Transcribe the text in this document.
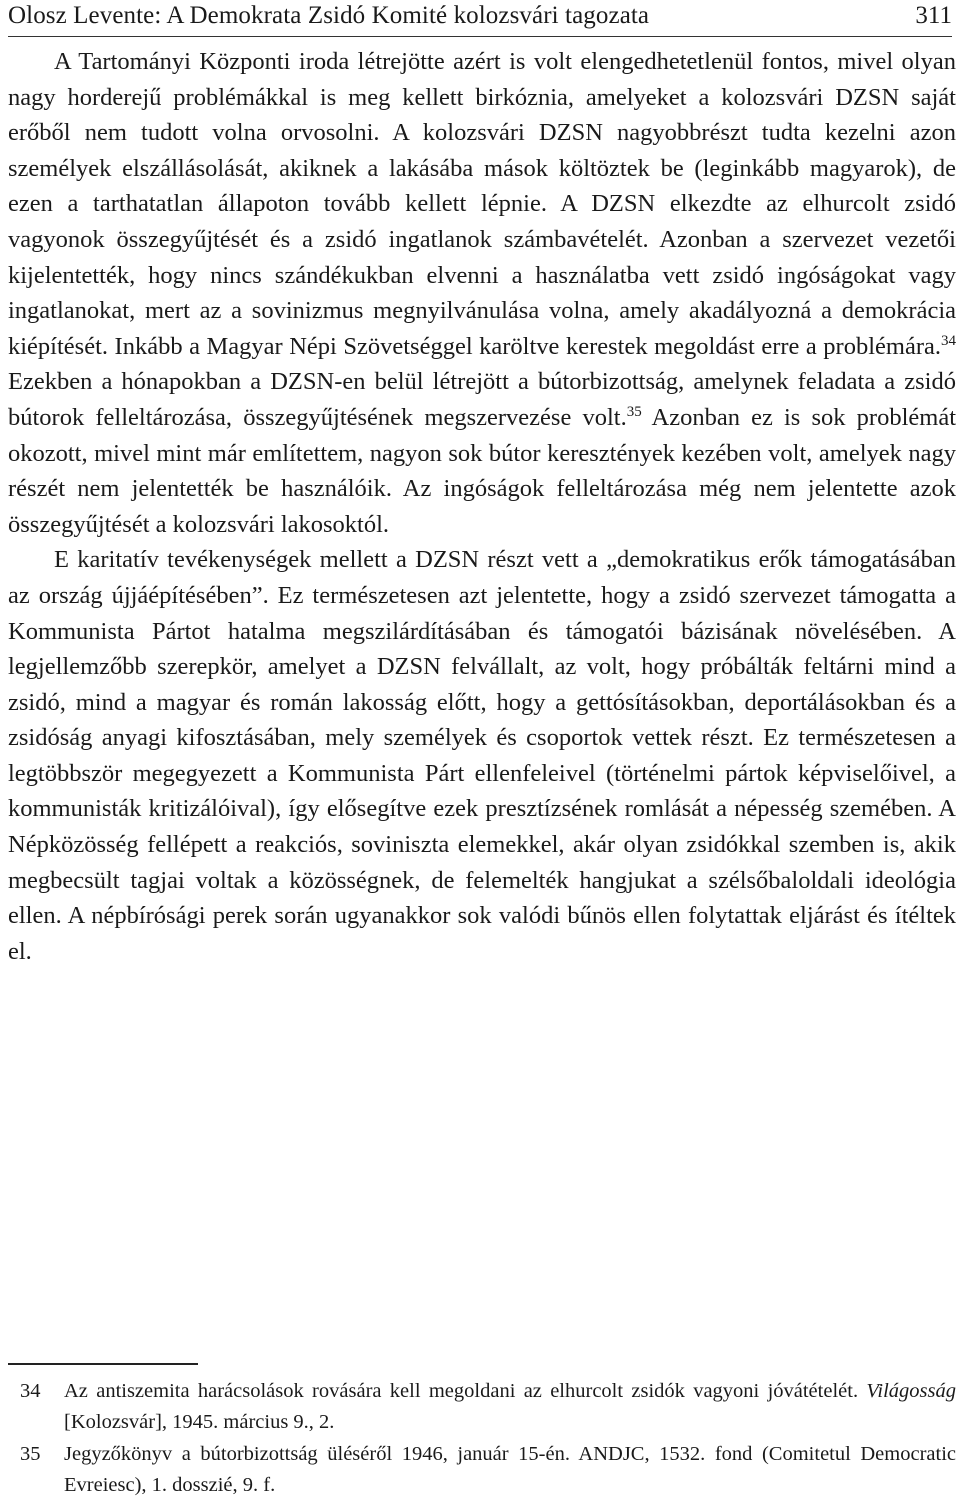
Olosz Levente: A Demokrata Zsidó Komité kolozsvári tagozata	311

A Tartományi Központi iroda létrejötte azért is volt elengedhetetlenül fontos, mivel olyan nagy horderejű problémákkal is meg kellett birkóznia, amelyeket a kolozsvári DZSN saját erőből nem tudott volna orvosolni. A kolozsvári DZSN nagyobbrészt tudta kezelni azon személyek elszállásolását, akiknek a lakásába mások költöztek be (leginkább magyarok), de ezen a tarthatatlan állapoton tovább kellett lépnie. A DZSN elkezdte az elhurcolt zsidó vagyonok összegyűjtését és a zsidó ingatlanok számbavételét. Azonban a szervezet vezetői kijelentették, hogy nincs szándékukban elvenni a használatba vett zsidó ingóságokat vagy ingatlanokat, mert az a sovinizmus megnyilvánulása volna, amely akadályozná a demokrácia kiépítését. Inkább a Magyar Népi Szövetséggel karöltve kerestek megoldást erre a problémára.$^{34}$ Ezekben a hónapokban a DZSN-en belül létrejött a bútorbizottság, amelynek feladata a zsidó bútorok felleltározása, összegyűjtésének megszervezése volt.$^{35}$ Azonban ez is sok problémát okozott, mivel mint már említettem, nagyon sok bútor keresztények kezében volt, amelyek nagy részét nem jelentették be használóik. Az ingóságok felleltározása még nem jelentette azok összegyűjtését a kolozsvári lakosoktól.

E karitatív tevékenységek mellett a DZSN részt vett a „demokratikus erők támogatásában az ország újjáépítésében”. Ez természetesen azt jelentette, hogy a zsidó szervezet támogatta a Kommunista Pártot hatalma megszilárdításában és támogatói bázisának növelésében. A legjellemzőbb szerepkör, amelyet a DZSN felvállalt, az volt, hogy próbálták feltárni mind a zsidó, mind a magyar és román lakosság előtt, hogy a gettósításokban, deportálásokban és a zsidóság anyagi kifosztásában, mely személyek és csoportok vettek részt. Ez természetesen a legtöbbször megegyezett a Kommunista Párt ellenfeleivel (történelmi pártok képviselőivel, a kommunisták kritizálóival), így elősegítve ezek presztízsének romlását a népesség szemében. A Népközösség fellépett a reakciós, soviniszta elemekkel, akár olyan zsidókkal szemben is, akik megbecsült tagjai voltak a közösségnek, de felemelték hangjukat a szélsőbaloldali ideológia ellen. A népbírósági perek során ugyanakkor sok valódi bűnös ellen folytattak eljárást és ítéltek el.

34 Az antiszemita harácsolások rovására kell megoldani az elhurcolt zsidók vagyoni jóvátételét. Világosság [Kolozsvár], 1945. március 9., 2.
35 Jegyzőkönyv a bútorbizottság üléséről 1946, január 15-én. ANDJC, 1532. fond (Comitetul Democratic Evreiesc), 1. dosszié, 9. f.
